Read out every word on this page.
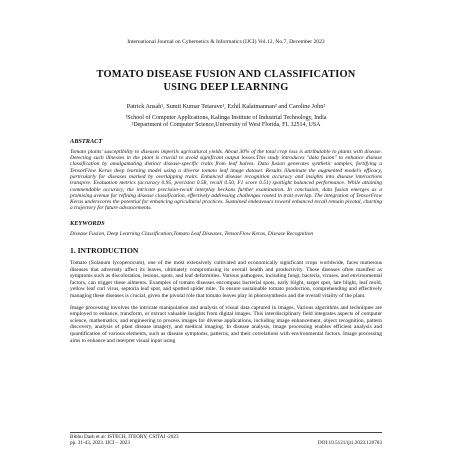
International Journal on Cybernetics & Informatics (IJCI) Vol.12, No.7, December 2023
TOMATO DISEASE FUSION AND CLASSIFICATION
USING DEEP LEARNING
Patrick Ansah¹, Sumit Kumar Tetarave¹, Ezhil Kalaimannan² and Caroline John²
¹School of Computer Applications, Kalinga Institute of Industrial Technology, India
²Department of Computer Science,University of West Florida, FL 32514, USA
ABSTRACT
Tomato plants' susceptibility to diseases imperils agricultural yields. About 30% of the total crop loss is attributable to plants with disease. Detecting such illnesses in the plant is crucial to avoid significant output losses.This study introduces "data fusion" to enhance disease classification by amalgamating distinct disease-specific traits from leaf halves. Data fusion generates synthetic samples, fortifying a TensorFlow Keras deep learning model using a diverse tomato leaf image dataset. Results illuminate the augmented model's efficacy, particularly for diseases marked by overlapping traits. Enhanced disease recognition accuracy and insights into disease interactions transpire. Evaluation metrics (accuracy 0.95, precision 0.58, recall 0.50, F1 score 0.51) spotlight balanced performance. While attaining commendable accuracy, the intricate precision-recall interplay beckons further examination. In conclusion, data fusion emerges as a promising avenue for refining disease classification, effectively addressing challenges rooted in trait overlap. The integration of TensorFlow Keras underscores the potential for enhancing agricultural practices. Sustained endeavours toward enhanced recall remain pivotal, charting a trajectory for future advancements.
KEYWORDS
Disease Fusion, Deep Learning Classification,Tomato Leaf Diseases, TensorFlow Keras, Disease Recognition
1. INTRODUCTION
Tomato (Solanum lycopersicum), one of the most extensively cultivated and economically significant crops worldwide, faces numerous diseases that adversely affect its leaves, ultimately compromising its overall health and productivity. These diseases often manifest as symptoms such as discoloration, lesions, spots, and leaf deformities. Various pathogens, including fungi, bacteria, viruses, and environmental factors, can trigger these ailments. Examples of tomato diseases encompass bacterial spots, early blight, target spot, late blight, leaf mold, yellow leaf curl virus, septoria leaf spot, and spotted spider mite. To ensure sustainable tomato production, comprehending and effectively managing these diseases is crucial, given the pivotal role that tomato leaves play in photosynthesis and the overall vitality of the plant.
Image processing involves the intricate manipulation and analysis of visual data captured in images. Various algorithms and techniques are employed to enhance, transform, or extract valuable insights from digital images. This interdisciplinary field integrates aspects of computer science, mathematics, and engineering to process images for diverse applications, including image enhancement, object recognition, pattern discovery, analysis of plant disease imagery, and medical imaging. In disease analysis, image processing enables efficient analysis and quantification of various elements, such as disease symptoms, patterns, and their correlations with environmental factors. Image processing aims to enhance and interpret visual input using
Bibhu Dash et al: ISTECH, ITEORY, CSITAI -2023
pp. 31-43, 2023. IJCI – 2023	DOI:10.5121/ijci.2023.120703
